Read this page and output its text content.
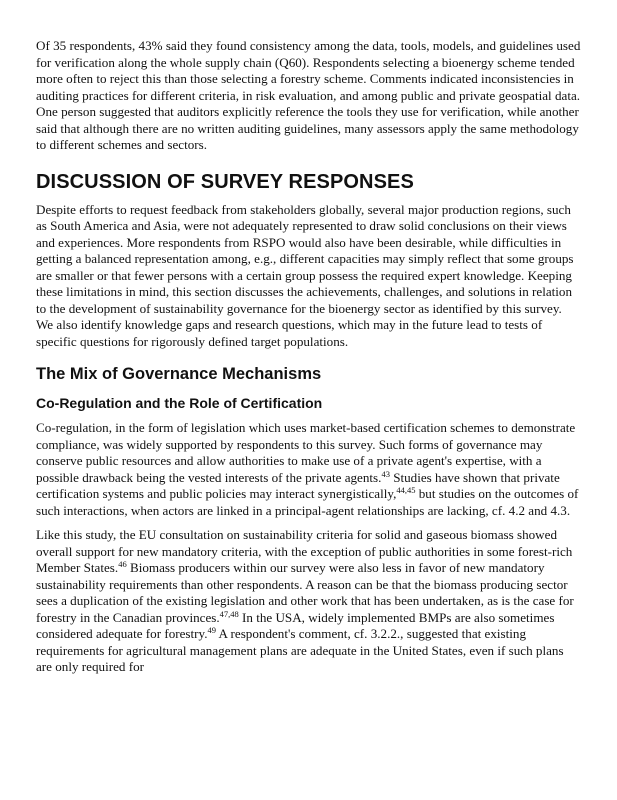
Of 35 respondents, 43% said they found consistency among the data, tools, models, and guidelines used for verification along the whole supply chain (Q60). Respondents selecting a bioenergy scheme tended more often to reject this than those selecting a forestry scheme. Comments indicated inconsistencies in auditing practices for different criteria, in risk evaluation, and among public and private geospatial data. One person suggested that auditors explicitly reference the tools they use for verification, while another said that although there are no written auditing guidelines, many assessors apply the same methodology to different schemes and sectors.

DISCUSSION OF SURVEY RESPONSES

Despite efforts to request feedback from stakeholders globally, several major production regions, such as South America and Asia, were not adequately represented to draw solid conclusions on their views and experiences. More respondents from RSPO would also have been desirable, while difficulties in getting a balanced representation among, e.g., different capacities may simply reflect that some groups are smaller or that fewer persons with a certain group possess the required expert knowledge. Keeping these limitations in mind, this section discusses the achievements, challenges, and solutions in relation to the development of sustainability governance for the bioenergy sector as identified by this survey. We also identify knowledge gaps and research questions, which may in the future lead to tests of specific questions for rigorously defined target populations.

The Mix of Governance Mechanisms
Co-Regulation and the Role of Certification

Co-regulation, in the form of legislation which uses market-based certification schemes to demonstrate compliance, was widely supported by respondents to this survey. Such forms of governance may conserve public resources and allow authorities to make use of a private agent's expertise, with a possible drawback being the vested interests of the private agents.$^{43}$ Studies have shown that private certification systems and public policies may interact synergistically,$^{44,45}$ but studies on the outcomes of such interactions, when actors are linked in a principal-agent relationships are lacking, cf. 4.2 and 4.3.

Like this study, the EU consultation on sustainability criteria for solid and gaseous biomass showed overall support for new mandatory criteria, with the exception of public authorities in some forest-rich Member States.$^{46}$ Biomass producers within our survey were also less in favor of new mandatory sustainability requirements than other respondents. A reason can be that the biomass producing sector sees a duplication of the existing legislation and other work that has been undertaken, as is the case for forestry in the Canadian provinces.$^{47,48}$ In the USA, widely implemented BMPs are also sometimes considered adequate for forestry.$^{49}$ A respondent's comment, cf. 3.2.2., suggested that existing requirements for agricultural management plans are adequate in the United States, even if such plans are only required for
